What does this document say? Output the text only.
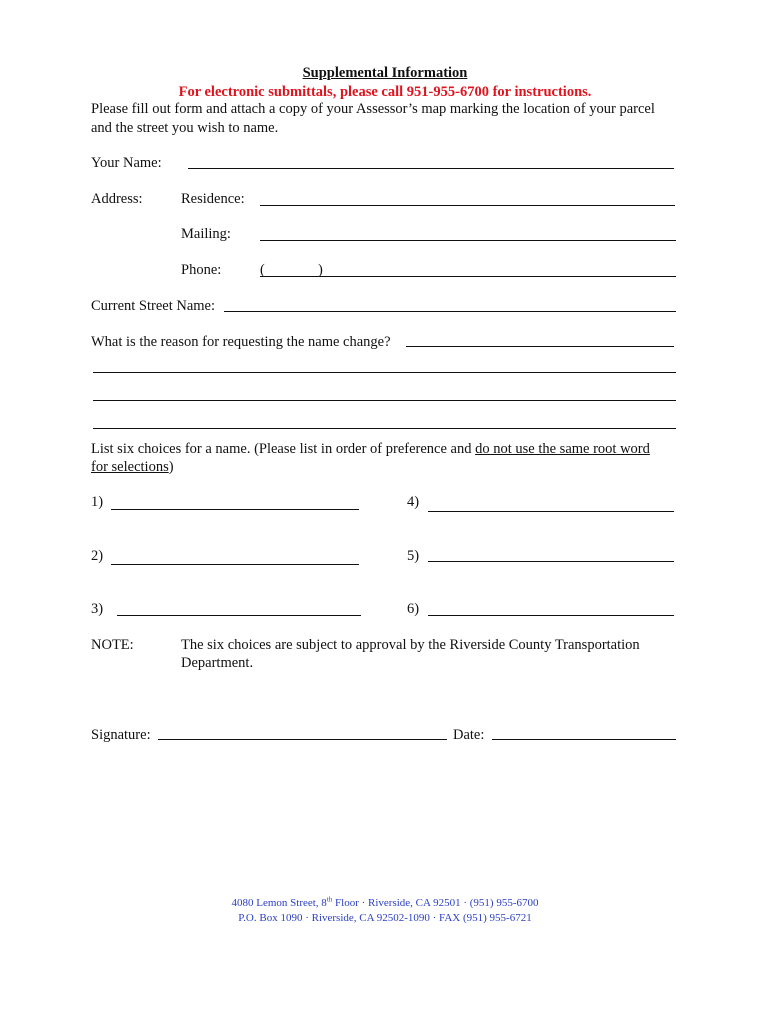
Supplemental Information
For electronic submittals, please call 951-955-6700 for instructions.
Please fill out form and attach a copy of your Assessor’s map marking the location of your parcel
and the street you wish to name.
Your Name:
Address:	Residence:
Mailing:
Phone:	(	)
Current Street Name:
What is the reason for requesting the name change?
List six choices for a name. (Please list in order of preference and do not use the same root word
for selections)
1)
2)
3)
4)
5)
6)
NOTE:	The six choices are subject to approval by the Riverside County Transportation
Department.
Signature:	Date:
4080 Lemon Street, 8th Floor · Riverside, CA 92501 · (951) 955-6700
P.O. Box 1090 · Riverside, CA 92502-1090 · FAX (951) 955-6721
